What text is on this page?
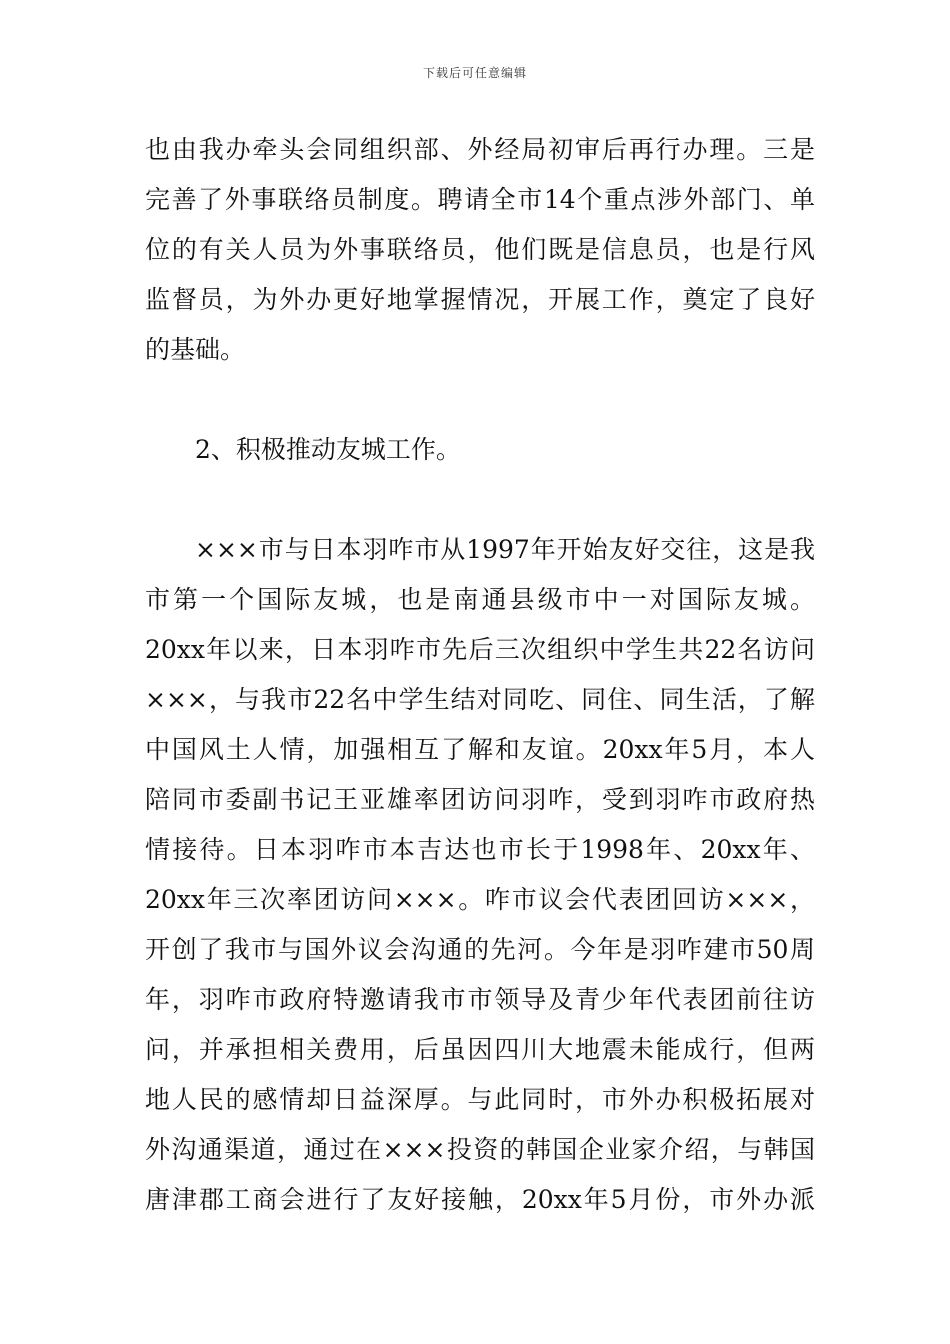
下载后可任意编辑
也由我办牵头会同组织部、外经局初审后再行办理。三是
完善了外事联络员制度。聘请全市14个重点涉外部门、单
位的有关人员为外事联络员，他们既是信息员，也是行风
监督员，为外办更好地掌握情况，开展工作，奠定了良好
的基础。
2、积极推动友城工作。
×××市与日本羽咋市从1997年开始友好交往，这是我
市第一个国际友城，也是南通县级市中一对国际友城。
20xx年以来，日本羽咋市先后三次组织中学生共22名访问
×××，与我市22名中学生结对同吃、同住、同生活，了解
中国风土人情，加强相互了解和友谊。20xx年5月，本人
陪同市委副书记王亚雄率团访问羽咋，受到羽咋市政府热
情接待。日本羽咋市本吉达也市长于1998年、20xx年、
20xx年三次率团访问×××。咋市议会代表团回访×××，
开创了我市与国外议会沟通的先河。今年是羽咋建市50周
年，羽咋市政府特邀请我市市领导及青少年代表团前往访
问，并承担相关费用，后虽因四川大地震未能成行，但两
地人民的感情却日益深厚。与此同时，市外办积极拓展对
外沟通渠道，通过在×××投资的韩国企业家介绍，与韩国
唐津郡工商会进行了友好接触，20xx年5月份，市外办派
